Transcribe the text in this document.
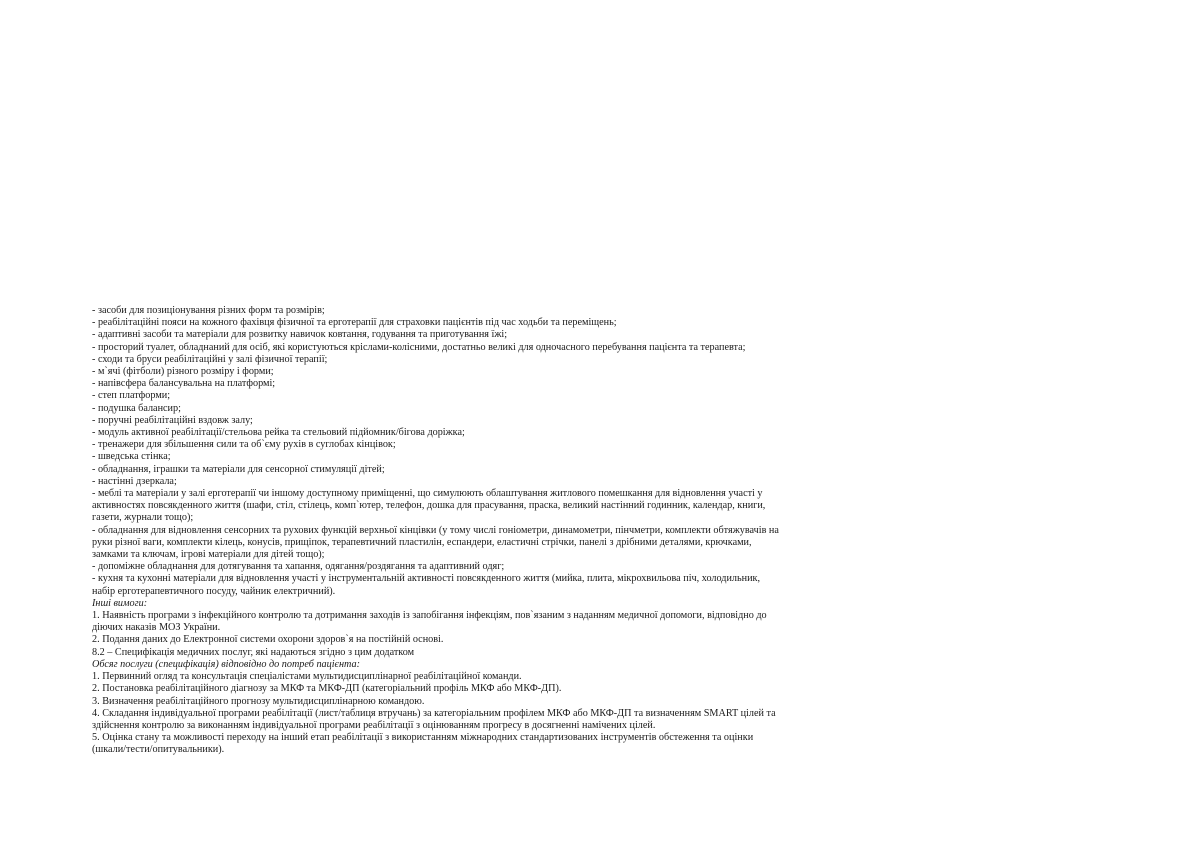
- засоби для позиціонування різних форм та розмірів;

- реабілітаційні пояси на кожного фахівця фізичної та ерготерапії для страховки пацієнтів під час ходьби та переміщень;

- адаптивні засоби та матеріали для розвитку навичок ковтання, годування та приготування їжі;

- просторий туалет, обладнаний для осіб, які користуються кріслами-колісними, достатньо великі для одночасного перебування пацієнта та терапевта;

- сходи та бруси реабілітаційні у залі фізичної терапії;

- м`ячі (фітболи) різного розміру і форми;

- напівсфера балансувальна на платформі;

- степ платформи;

- подушка балансир;

- поручні реабілітаційні вздовж залу;

- модуль активної реабілітації/стельова рейка та стельовий підйомник/бігова доріжка;

- тренажери для збільшення сили та об`єму рухів в суглобах кінцівок;

- шведська стінка;

- обладнання, іграшки та матеріали для сенсорної стимуляції дітей;

- настінні дзеркала;

- меблі та матеріали у залі ерготерапії чи іншому доступному приміщенні, що симулюють облаштування житлового помешкання для відновлення участі у активностях повсякденного життя (шафи, стіл, стілець, комп`ютер, телефон, дошка для прасування, праска, великий настінний годинник, календар, книги, газети, журнали тощо);

- обладнання для відновлення сенсорних та рухових функцій верхньої кінцівки (у тому числі гоніометри, динамометри, пінчметри, комплекти обтяжувачів на руки різної ваги, комплекти кілець, конусів, прищіпок, терапевтичний пластилін, еспандери, еластичні стрічки, панелі з дрібними деталями, крючками, замками та ключам, ігрові матеріали для дітей тощо);

- допоміжне обладнання для дотягування та хапання, одягання/роздягання та адаптивний одяг;

- кухня та кухонні матеріали для відновлення участі у інструментальній активності повсякденного життя (мийка, плита, мікрохвильова піч, холодильник, набір ерготерапевтичного посуду, чайник електричний).

Інші вимоги:

1. Наявність програми з інфекційного контролю та дотримання заходів із запобігання інфекціям, пов`язаним з наданням медичної допомоги, відповідно до діючих наказів МОЗ України.

2. Подання даних до Електронної системи охорони здоров`я на постійній основі.

8.2 – Специфікація медичних послуг, які надаються згідно з цим додатком

Обсяг послуги (специфікація) відповідно до потреб пацієнта:

1. Первинний огляд та консультація спеціалістами мультидисциплінарної реабілітаційної команди.

2. Постановка реабілітаційного діагнозу за МКФ та МКФ-ДП (категоріальний профіль МКФ або МКФ-ДП).

3. Визначення реабілітаційного прогнозу мультидисциплінарною командою.

4. Складання індивідуальної програми реабілітації (лист/таблиця втручань) за категоріальним профілем МКФ або МКФ-ДП та визначенням SMART цілей та здійснення контролю за виконанням індивідуальної програми реабілітації з оцінюванням прогресу в досягненні намічених цілей.

5. Оцінка стану та можливості переходу на інший етап реабілітації з використанням міжнародних стандартизованих інструментів обстеження та оцінки (шкали/тести/опитувальники).
